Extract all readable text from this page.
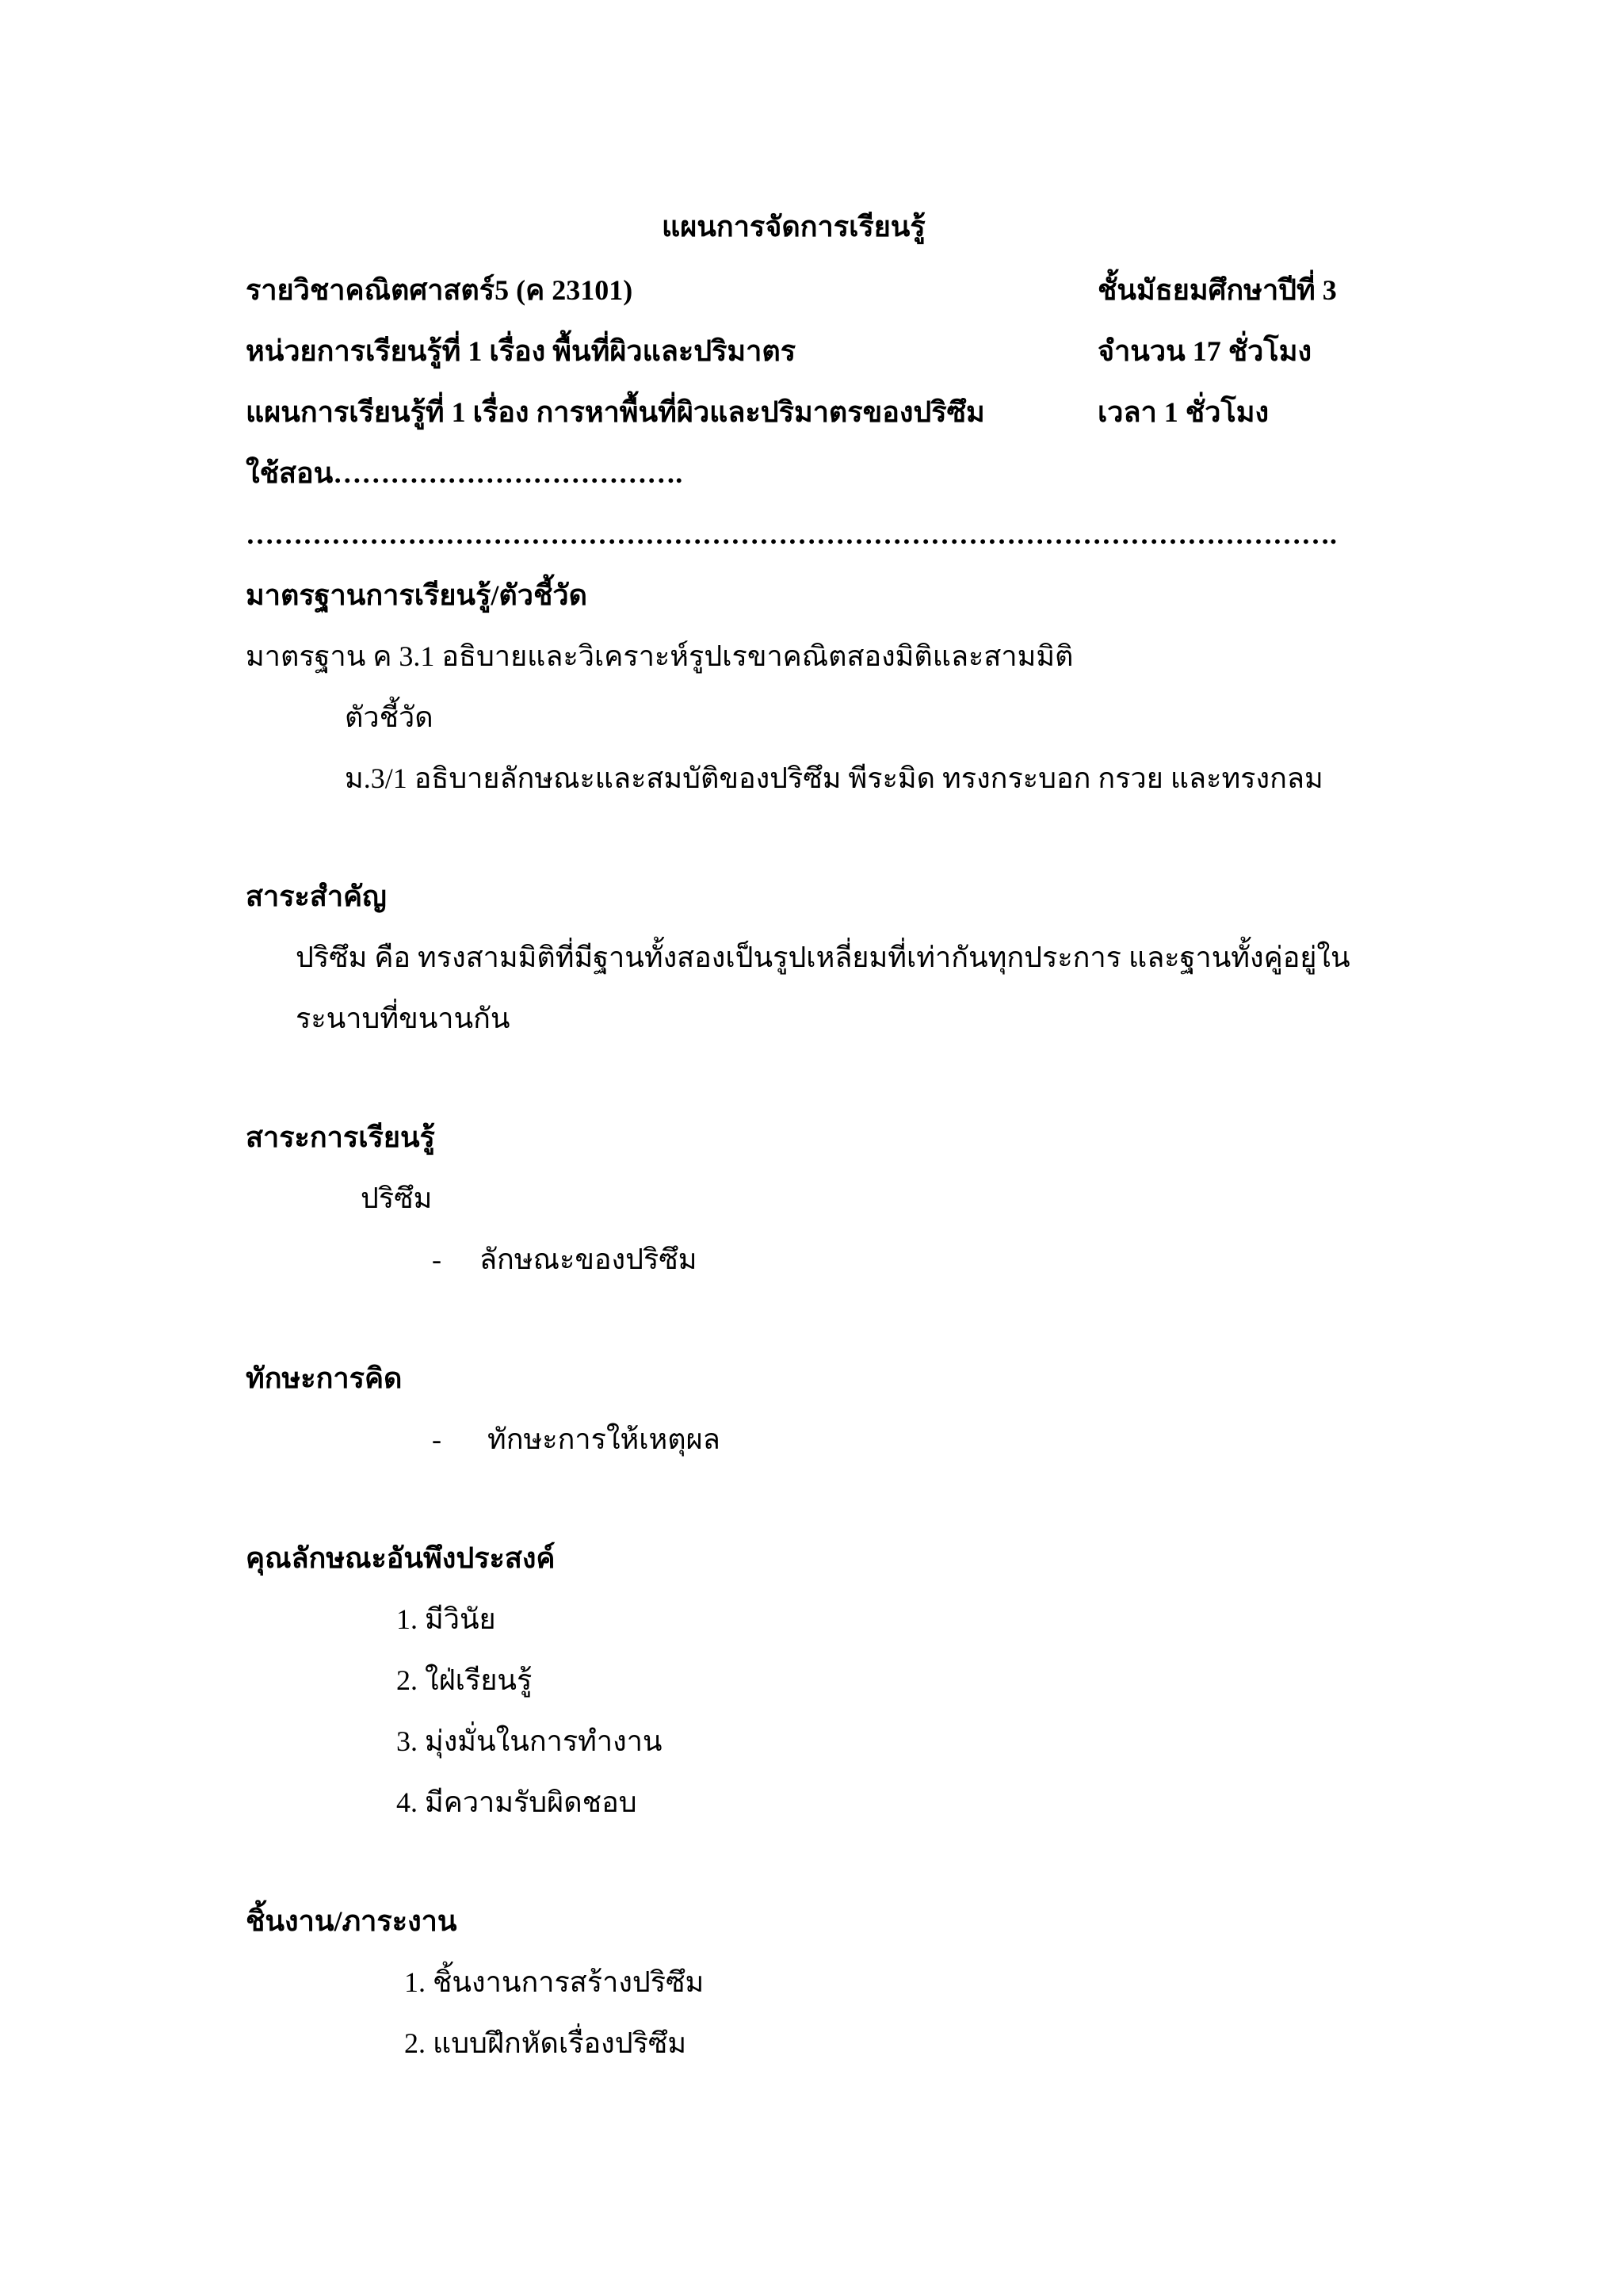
แผนการจัดการเรียนรู้
รายวิชาคณิตศาสตร์5 (ค 23101)	ชั้นมัธยมศึกษาปีที่ 3
หน่วยการเรียนรู้ที่ 1 เรื่อง พื้นที่ผิวและปริมาตร	จำนวน 17 ชั่วโมง
แผนการเรียนรู้ที่ 1 เรื่อง การหาพื้นที่ผิวและปริมาตรของปริซึม	เวลา 1 ชั่วโมง
ใช้สอน……………………………….
…………………………………………………………………………………………………….
มาตรฐานการเรียนรู้/ตัวชี้วัด
มาตรฐาน ค 3.1 อธิบายและวิเคราะห์รูปเรขาคณิตสองมิติและสามมิติ
ตัวชี้วัด
ม.3/1 อธิบายลักษณะและสมบัติของปริซึม พีระมิด ทรงกระบอก กรวย และทรงกลม
สาระสำคัญ
ปริซึม คือ ทรงสามมิติที่มีฐานทั้งสองเป็นรูปเหลี่ยมที่เท่ากันทุกประการ และฐานทั้งคู่อยู่ใน
ระนาบที่ขนานกัน
สาระการเรียนรู้
ปริซึม
- ลักษณะของปริซึม
ทักษะการคิด
- ทักษะการให้เหตุผล
คุณลักษณะอันพึงประสงค์
1. มีวินัย
2. ใฝ่เรียนรู้
3. มุ่งมั่นในการทำงาน
4. มีความรับผิดชอบ
ชิ้นงาน/ภาระงาน
1. ชิ้นงานการสร้างปริซึม
2. แบบฝึกหัดเรื่องปริซึม
